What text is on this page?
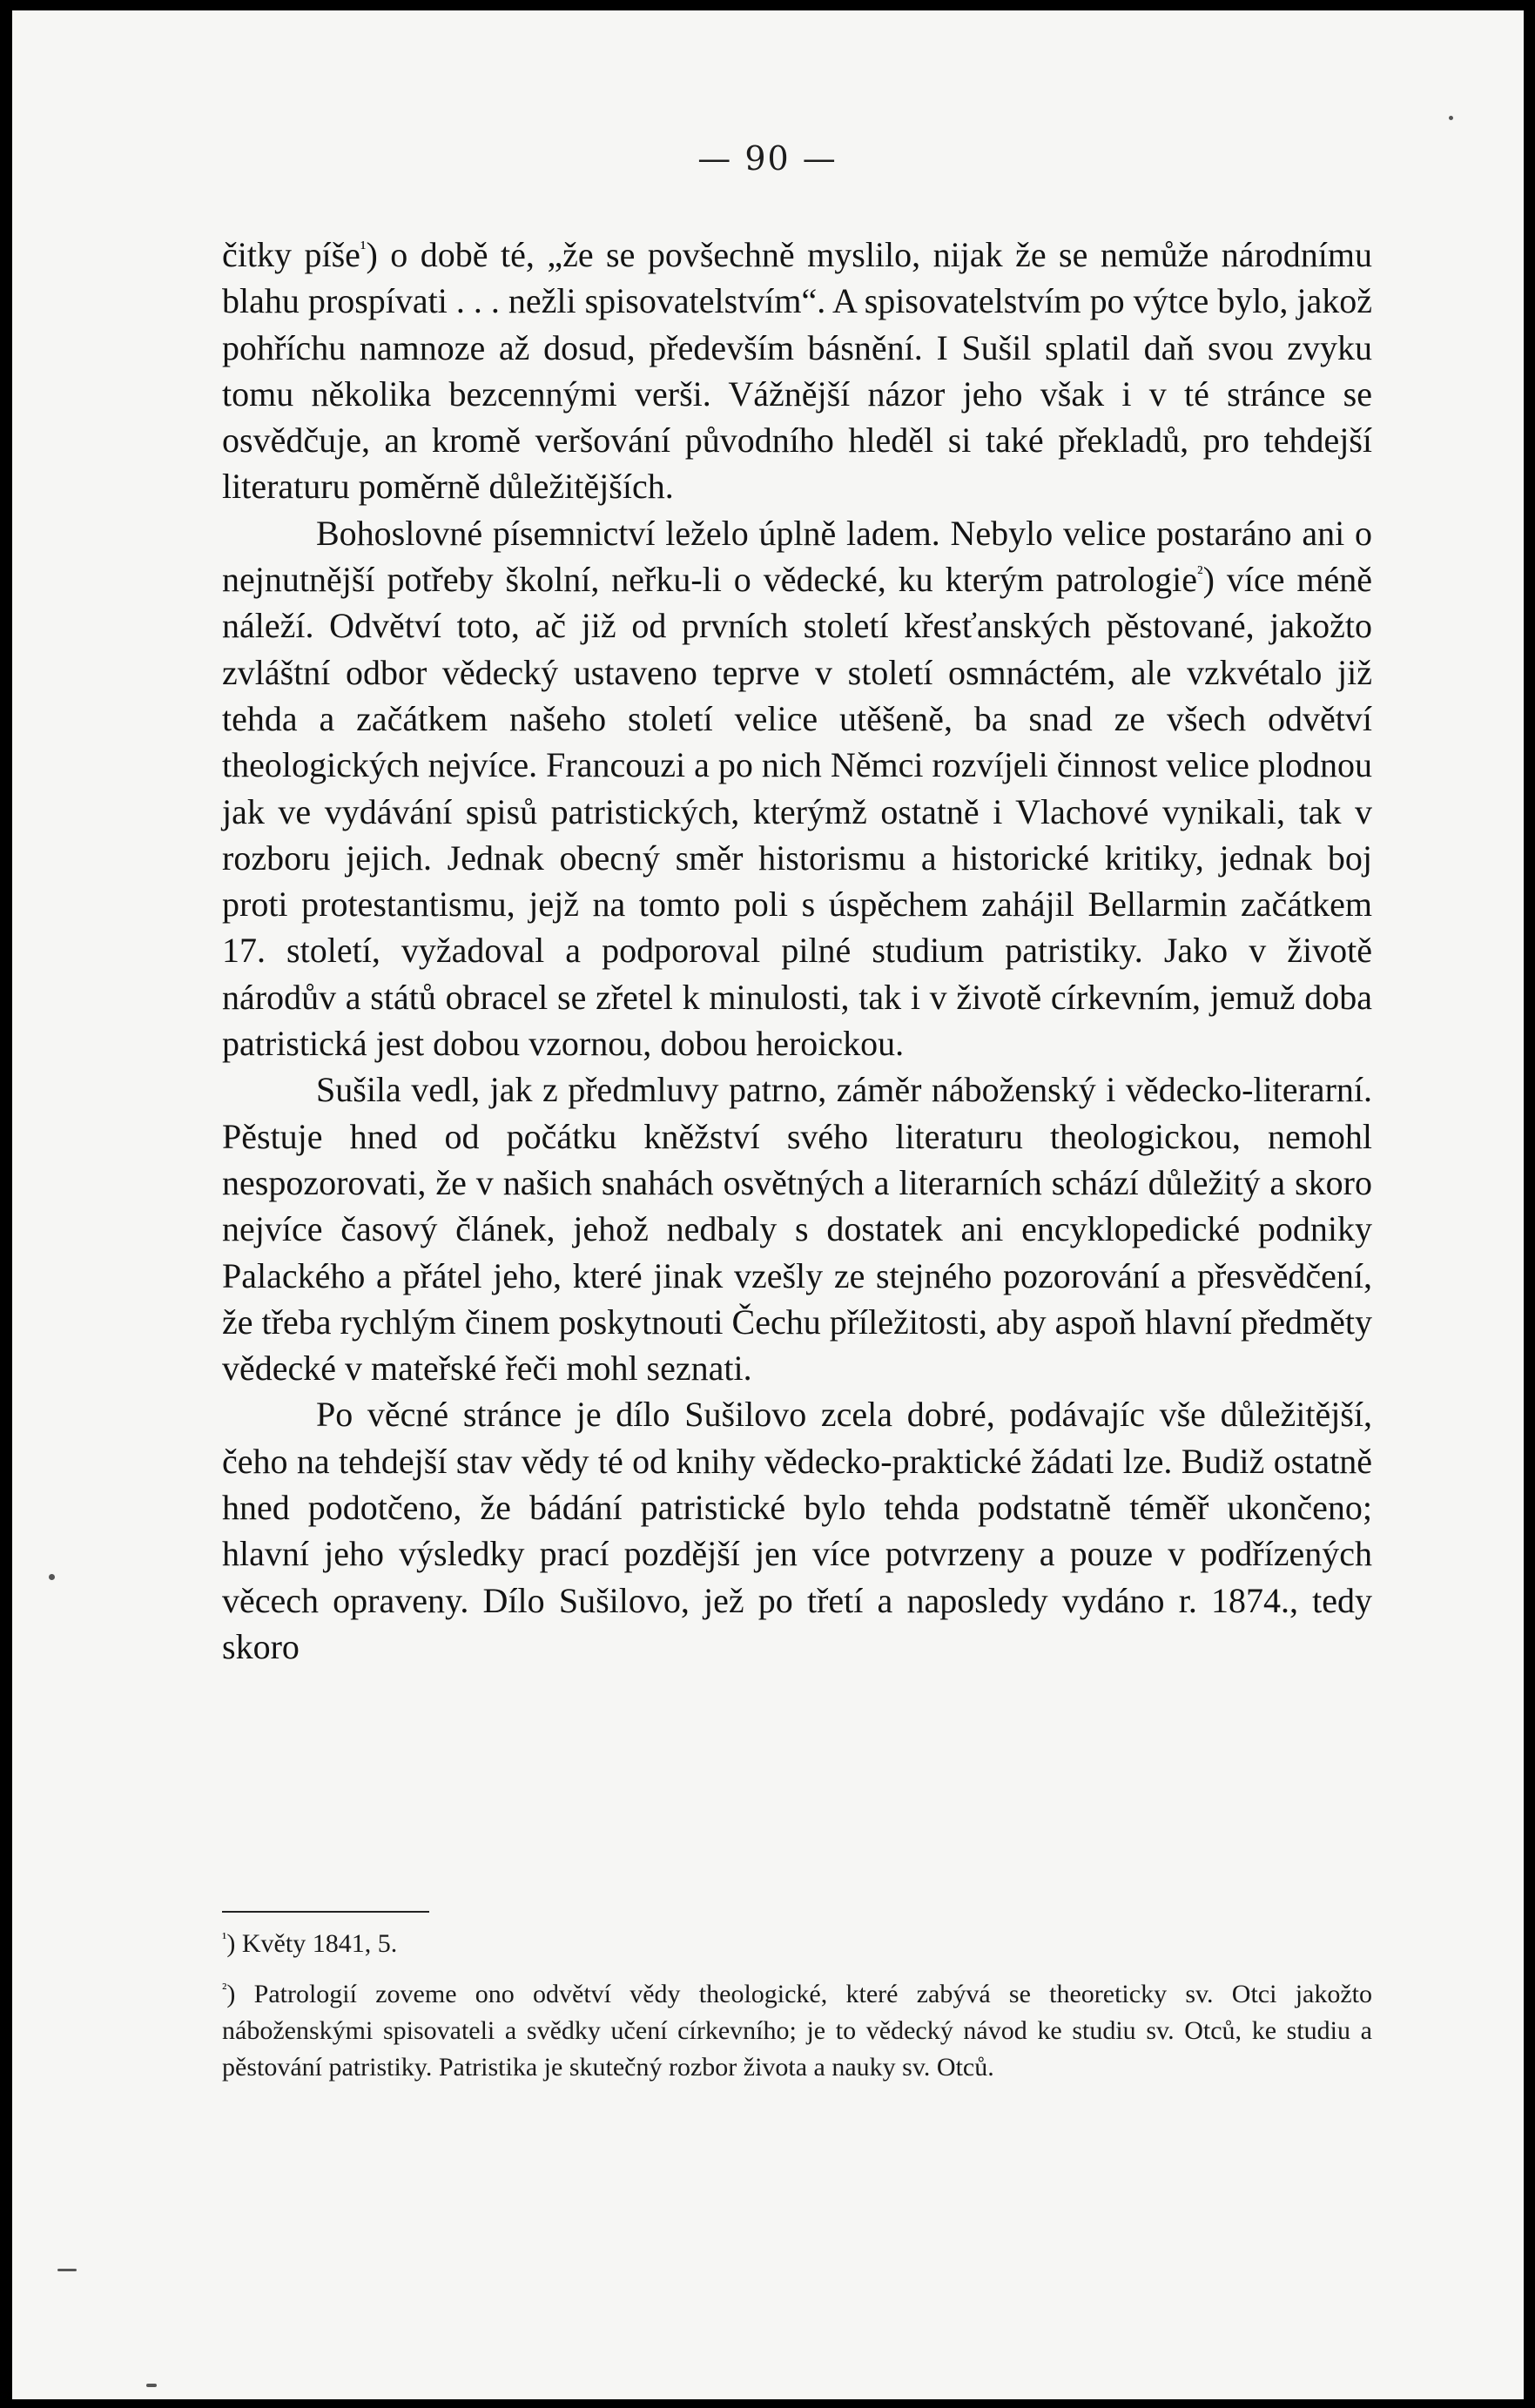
— 90 —

čitky píše$^{^1}$) o době té, „že se povšechně myslilo, nijak že se nemůže národnímu blahu prospívati . . . nežli spisovatelstvím“. A spisovatelstvím po výtce bylo, jakož pohříchu namnoze až dosud, především básnění. I Sušil splatil daň svou zvyku tomu několika bezcennými verši. Vážnější názor jeho však i v té stránce se osvědčuje, an kromě veršování původního hleděl si také překladů, pro tehdejší literaturu poměrně důležitějších.

Bohoslovné písemnictví leželo úplně ladem. Nebylo velice postaráno ani o nejnutnější potřeby školní, neřku-li o vědecké, ku kterým patrologie$^{^2}$) více méně náleží. Odvětví toto, ač již od prvních století křesťanských pěstované, jakožto zvláštní odbor vědecký ustaveno teprve v století osmnáctém, ale vzkvétalo již tehda a začátkem našeho století velice utěšeně, ba snad ze všech odvětví theologických nejvíce. Francouzi a po nich Němci rozvíjeli činnost velice plodnou jak ve vydávání spisů patristických, kterýmž ostatně i Vlachové vynikali, tak v rozboru jejich. Jednak obecný směr historismu a historické kritiky, jednak boj proti protestantismu, jejž na tomto poli s úspěchem zahájil Bellarmin začátkem 17. století, vyžadoval a podporoval pilné studium patristiky. Jako v životě národův a států obracel se zřetel k minulosti, tak i v životě církevním, jemuž doba patristická jest dobou vzornou, dobou heroickou.

Sušila vedl, jak z předmluvy patrno, záměr náboženský i vědecko-literarní. Pěstuje hned od počátku kněžství svého literaturu theologickou, nemohl nespozorovati, že v našich snahách osvětných a literarních schází důležitý a skoro nejvíce časový článek, jehož nedbaly s dostatek ani encyklopedické podniky Palackého a přátel jeho, které jinak vzešly ze stejného pozorování a přesvědčení, že třeba rychlým činem poskytnouti Čechu příležitosti, aby aspoň hlavní předměty vědecké v mateřské řeči mohl seznati.

Po věcné stránce je dílo Sušilovo zcela dobré, podávajíc vše důležitější, čeho na tehdejší stav vědy té od knihy vědecko-praktické žádati lze. Budiž ostatně hned podotčeno, že bádání patristické bylo tehda podstatně téměř ukončeno; hlavní jeho výsledky prací pozdější jen více potvrzeny a pouze v podřízených věcech opraveny. Dílo Sušilovo, jež po třetí a naposledy vydáno r. 1874., tedy skoro

$^{^1}$) Květy 1841, 5.

$^{^2}$) Patrologií zoveme ono odvětví vědy theologické, které zabývá se theoreticky sv. Otci jakožto náboženskými spisovateli a svědky učení církevního; je to vědecký návod ke studiu sv. Otců, ke studiu a pěstování patristiky. Patristika je skutečný rozbor života a nauky sv. Otců.
